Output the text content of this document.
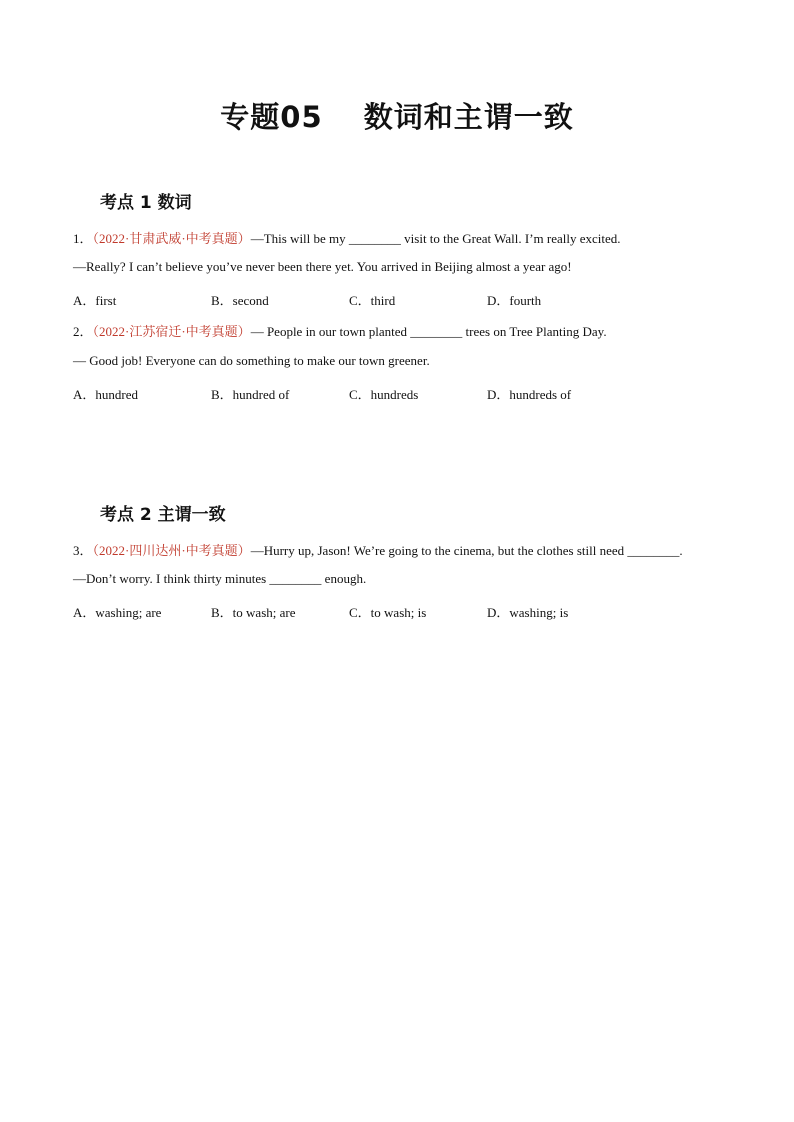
专题05　 数词和主谓一致
考点 1 数词
1．（2022·甘肃武威·中考真题）—This will be my ________ visit to the Great Wall. I’m really excited.
—Really? I can’t believe you’ve never been there yet. You arrived in Beijing almost a year ago!
A．first	B．second	C．third	D．fourth
2．（2022·江苏宿迁·中考真题）— People in our town planted ________ trees on Tree Planting Day.
— Good job! Everyone can do something to make our town greener.
A．hundred	B．hundred of	C．hundreds	D．hundreds of
考点 2 主谓一致
3．（2022·四川达州·中考真题）—Hurry up, Jason! We’re going to the cinema, but the clothes still need ________.
—Don’t worry. I think thirty minutes ________ enough.
A．washing; are	B．to wash; are	C．to wash; is	D．washing; is
